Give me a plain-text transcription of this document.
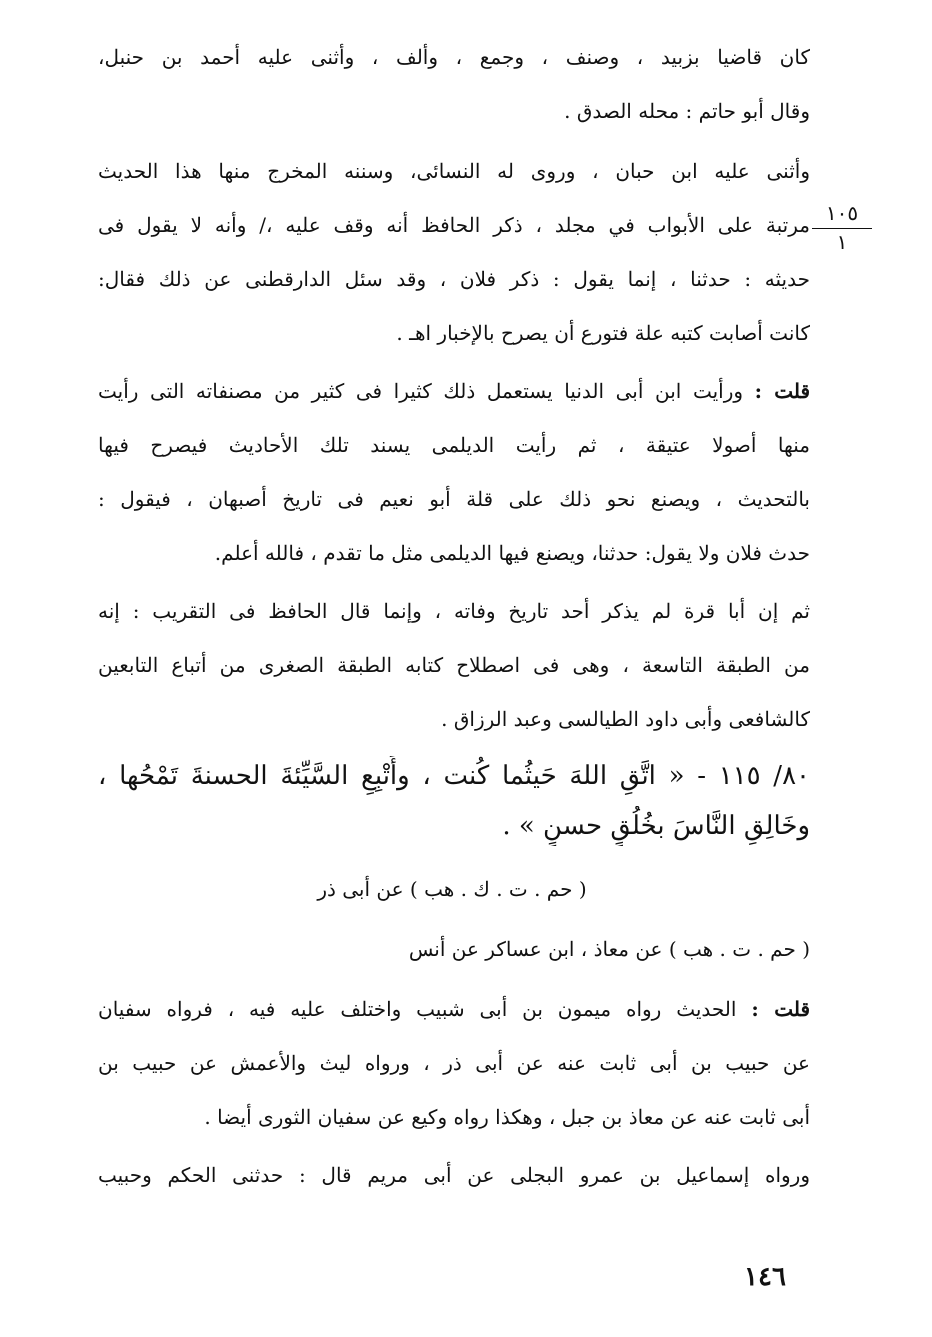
كان قاضيا بزبيد ، وصنف ، وجمع ، وألف ، وأثنى عليه أحمد بن حنبل،
وقال أبو حاتم : محله الصدق .
وأثنى عليه ابن حبان ، وروى له النسائى، وسننه المخرج منها هذا الحديث
مرتبة على الأبواب في مجلد ، ذكر الحافظ أنه وقف عليه ،/ وأنه لا يقول فى
حديثه : حدثنا ، إنما يقول : ذكر فلان ، وقد سئل الدارقطنى عن ذلك فقال:
كانت أصابت كتبه علة فتورع أن يصرح بالإخبار اهـ .
قلت : ورأيت ابن أبى الدنيا يستعمل ذلك كثيرا فى كثير من مصنفاته التى رأيت
منها أصولا عتيقة ، ثم رأيت الديلمى يسند تلك الأحاديث فيصرح فيها
بالتحديث ، ويصنع نحو ذلك على قلة أبو نعيم فى تاريخ أصبهان ، فيقول :
حدث فلان ولا يقول: حدثنا، ويصنع فيها الديلمى مثل ما تقدم ، فالله أعلم.
ثم إن أبا قرة لم يذكر أحد تاريخ وفاته ، وإنما قال الحافظ فى التقريب : إنه
من الطبقة التاسعة ، وهى فى اصطلاح كتابه الطبقة الصغرى من أتباع التابعين
كالشافعى وأبى داود الطيالسى وعبد الرزاق .
٨٠/ ١١٥ - « اتَّقِ اللهَ حَيثُما كُنت ، وأَتْبِعِ السَّيِّئةَ الحسنةَ تَمْحُها ،
وخَالِقِ النَّاسَ بخُلُقٍ حسنٍ » .
( حم . ت . ك . هب ) عن أبى ذر
( حم . ت . هب ) عن معاذ ، ابن عساكر عن أنس
قلت : الحديث رواه ميمون بن أبى شبيب واختلف عليه فيه ، فرواه سفيان
عن حبيب بن أبى ثابت عنه عن أبى ذر ، ورواه ليث والأعمش عن حبيب بن
أبى ثابت عنه عن معاذ بن جبل ، وهكذا رواه وكيع عن سفيان الثورى أيضا .
ورواه إسماعيل بن عمرو البجلى عن أبى مريم قال : حدثنى الحكم وحبيب
١٠٥
١
١٤٦
